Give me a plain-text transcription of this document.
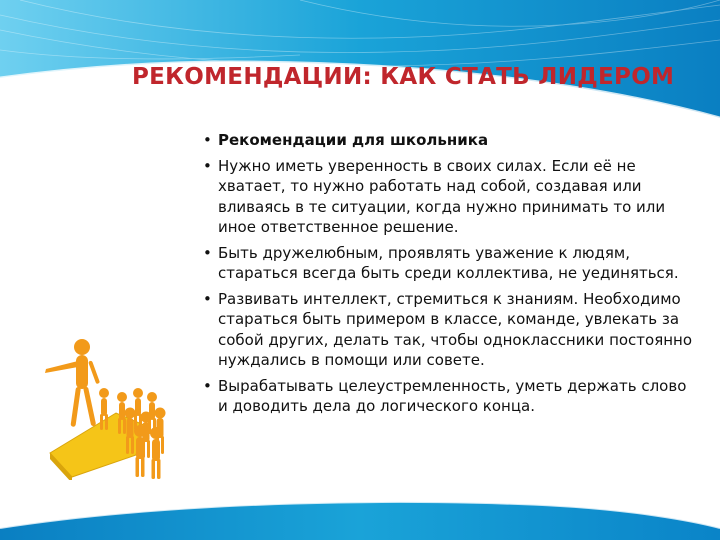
РЕКОМЕНДАЦИИ: КАК СТАТЬ ЛИДЕРОМ
• Рекомендации для школьника
• Нужно иметь уверенность в своих силах. Если её не хватает, то нужно работать над собой, создавая или вливаясь в те ситуации, когда нужно принимать то или иное ответственное решение.
• Быть дружелюбным, проявлять уважение к людям, стараться всегда быть среди коллектива, не уединяться.
• Развивать интеллект, стремиться к знаниям. Необходимо стараться быть примером в классе, команде, увлекать за собой других, делать так, чтобы одноклассники постоянно нуждались в помощи или совете.
• Вырабатывать целеустремленность, уметь держать слово и доводить дела до логического конца.
